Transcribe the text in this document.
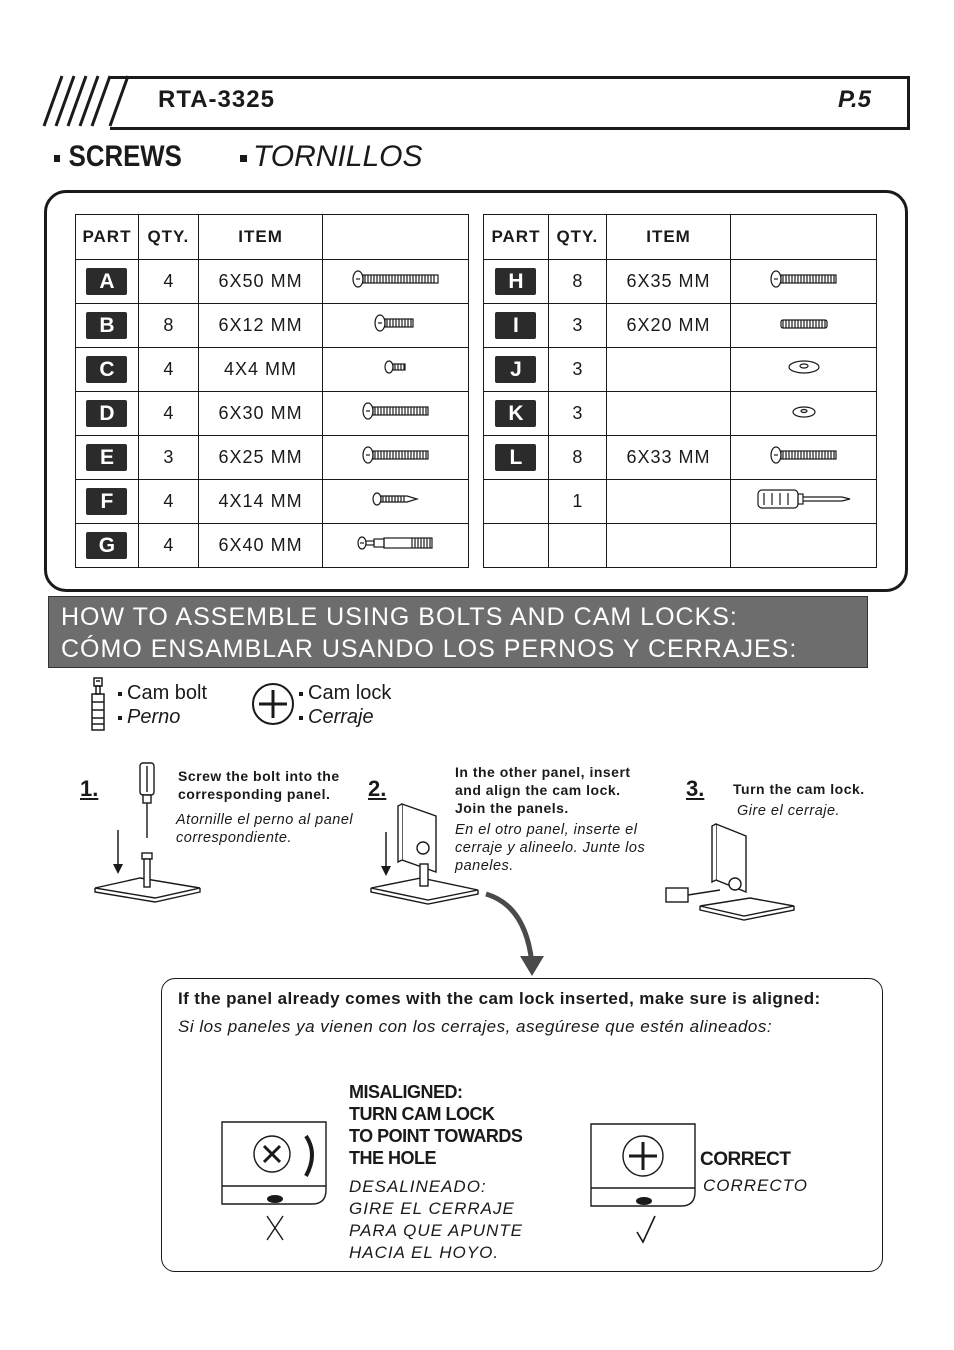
RTA-3325	P.5
SCREWS	TORNILLOS
PART	QTY.	ITEM	
A	4	6X50 MM	
B	8	6X12 MM	
C	4	4X4 MM	
D	4	6X30 MM	
E	3	6X25 MM	
F	4	4X14 MM	
G	4	6X40 MM	
PART	QTY.	ITEM	
H	8	6X35 MM	
I	3	6X20 MM	
J	3		
K	3		
L	8	6X33 MM	
	1		

HOW TO ASSEMBLE USING BOLTS AND CAM LOCKS:
CÓMO ENSAMBLAR USANDO LOS PERNOS Y CERRAJES:
Cam bolt
Perno
Cam lock
Cerraje
1.	Screw the bolt into the corresponding panel.
Atornille el perno al panel correspondiente.
2.
In the other panel, insert and align the cam lock. Join the panels.
En el otro panel, inserte el cerraje y alineelo. Junte los paneles.
3. Turn the cam lock.
Gire el cerraje.
If the panel already comes with the cam lock inserted, make sure is aligned:
Si los paneles ya vienen con los cerrajes, asegúrese que estén alineados:
MISALIGNED:
TURN CAM LOCK
TO POINT TOWARDS
THE HOLE
DESALINEADO:
GIRE EL CERRAJE
PARA QUE APUNTE
HACIA EL HOYO.
CORRECT
CORRECTO
